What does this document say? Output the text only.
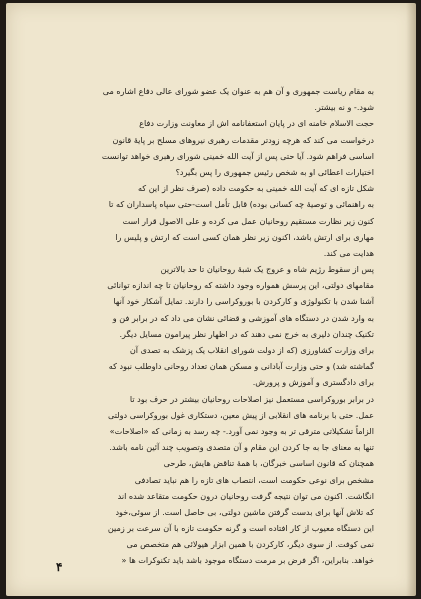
به مقام ریاست جمهوری و آن هم به عنوان یک عضو شورای عالی دفاع اشاره می
شود.- و نه بیشتر.
حجت الاسلام خامنه ای در پایان استعفانامه اش از معاونت وزارت دفاع
درخواست می کند که هرچه زودتر مقدمات رهبری نیروهای مسلح بر پایهٔ قانون
اساسی فراهم شود. آیا حتی پس از آیت الله خمینی شورای رهبری خواهد توانست
اختیارات اعطائی او به شخص رئیس جمهوری را پس بگیرد؟
شکل تازه ای که آیت الله خمینی به حکومت داده (صرف نظر از این که
به راهنمائی و توصیهٔ چه کسانی بوده) قابل تأمل است-حتی سپاه پاسداران که تا
کنون زیر نظارت مستقیم روحانیان عمل می کرده و علی الاصول قرار است
مهاری برای ارتش باشد، اکنون زیر نظر همان کسی است که ارتش و پلیس را
هدایت می کند.
پس از سقوط رژیم شاه و عروج یک شبهٔ روحانیان تا حد بالاترین
مقامهای دولتی، این پرسش همواره وجود داشته که روحانیان تا چه اندازه توانائی
آشنا شدن با تکنولوژی و کارکردن با بوروکراسی را دارند. تمایل آشکار خود آنها
به وارد شدن در دستگاه های آموزشی و قضائی نشان می داد که در برابر فن و
تکنیک چندان دلیری به خرج نمی دهند که در اظهار نظر پیرامون مسایل دیگر.
برای وزارت کشاورزی (که از دولت شورای انقلاب یک پزشک به تصدی آن
گماشته شد) و حتی وزارت آبادانی و مسکن همان تعداد روحانی داوطلب نبود که
برای دادگستری و آموزش و پرورش.
در برابر بوروکراسی مستعمل نیز اصلاحات روحانیان بیشتر در حرف بود تا
عمل. حتی با برنامه های انقلابی از پیش معین، دستکاری غول بوروکراسی دولتی
الزاماً تشکیلاتی مترقی تر به وجود نمی آورد.- چه رسد به زمانی که «اصلاحات»
تنها به معنای جا به جا کردن این مقام و آن متصدی وتصویب چند آئین نامه باشد.
همچنان که قانون اساسی خبرگان، با همهٔ تناقض هایش، طرحی
مشخص برای نوعی حکومت است، انتصاب های تازه را هم نباید تصادفی
انگاشت. اکنون می توان نتیجه گرفت روحانیان درون حکومت متقاعد شده اند
که تلاش آنها برای بدست گرفتن ماشین دولتی، بی حاصل است. از سوئی،خود
این دستگاه معیوب از کار افتاده است و گرنه حکومت تازه با آن سرعت بر زمین
نمی کوفت. از سوی دیگر، کارکردن با همین ابزار هیولائی هم متخصص می
خواهد. بنابراین، اگر فرض بر مرمت دستگاه موجود باشد باید تکنوکرات ها «
۴
